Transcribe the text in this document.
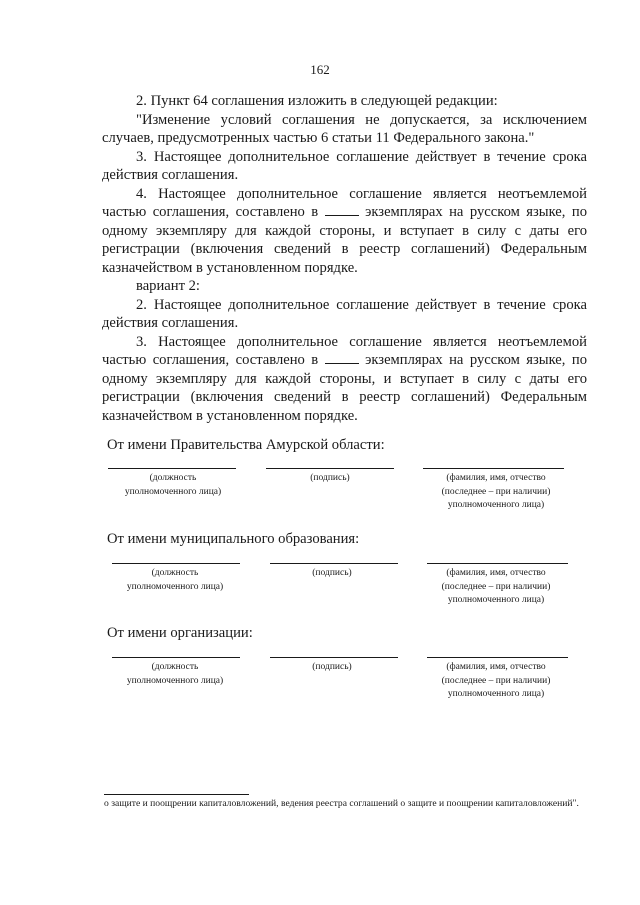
162

2. Пункт 64 соглашения изложить в следующей редакции:

"Изменение условий соглашения не допускается, за исключением случаев, предусмотренных частью 6 статьи 11 Федерального закона."

3. Настоящее дополнительное соглашение действует в течение срока действия соглашения.

4. Настоящее дополнительное соглашение является неотъемлемой частью соглашения, составлено в	экземплярах на русском языке, по одному экземпляру для каждой стороны, и вступает в силу с даты его регистрации (включения сведений в реестр соглашений) Федеральным казначейством в установленном порядке.

вариант 2:

2. Настоящее дополнительное соглашение действует в течение срока действия соглашения.

3. Настоящее дополнительное соглашение является неотъемлемой частью соглашения, составлено в	экземплярах на русском языке, по одному экземпляру для каждой стороны, и вступает в силу с даты его регистрации (включения сведений в реестр соглашений) Федеральным казначейством в установленном порядке.

От имени Правительства Амурской области:
(должность
уполномоченного лица)
(подпись)	(фамилия, имя, отчество
(последнее – при наличии)
уполномоченного лица)
От имени муниципального образования:
(должность
уполномоченного лица)
(подпись)	(фамилия, имя, отчество
(последнее – при наличии)
уполномоченного лица)
От имени организации:
(должность
уполномоченного лица)
(подпись)	(фамилия, имя, отчество
(последнее – при наличии)
уполномоченного лица)
о защите и поощрении капиталовложений, ведения реестра соглашений о защите и поощрении капиталовложений".
